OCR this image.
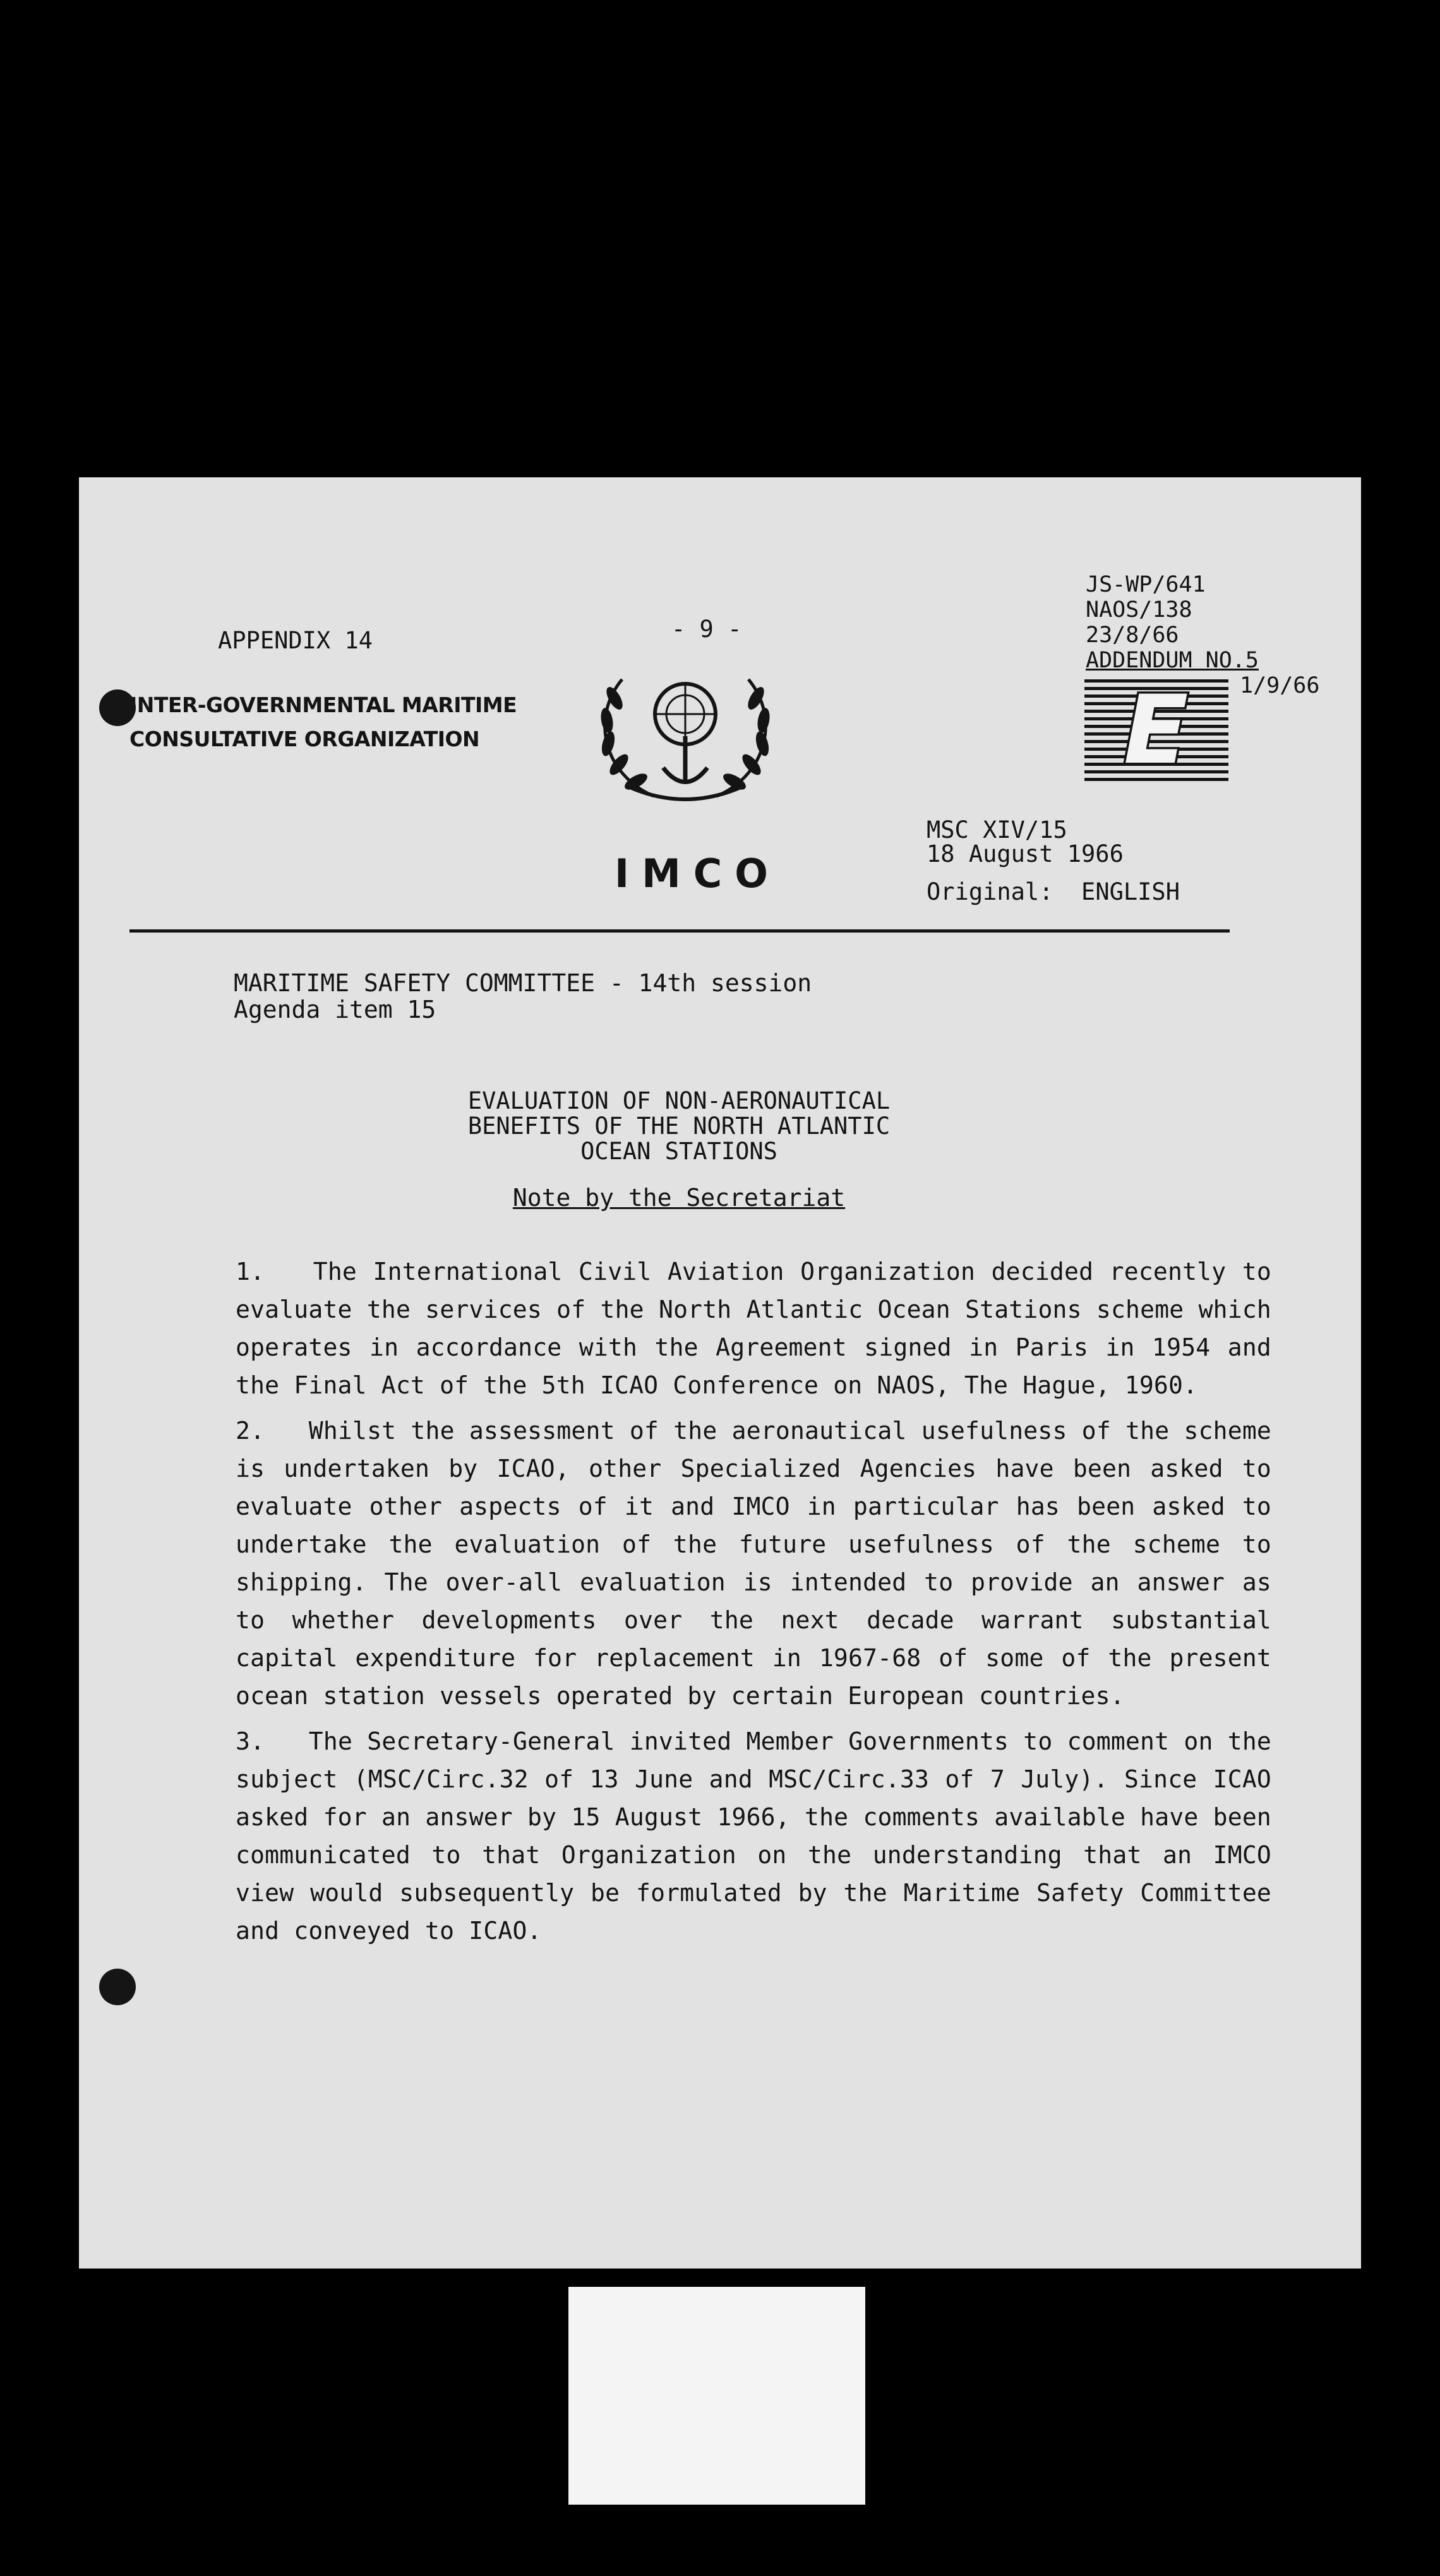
APPENDIX 14	- 9 -
INTER-GOVERNMENTAL MARITIME
CONSULTATIVE ORGANIZATION
IMCO
JS-WP/641
NAOS/138
23/8/66
ADDENDUM NO.5
1/9/66
E
MSC XIV/15
18 August 1966
Original: ENGLISH
MARITIME SAFETY COMMITTEE - 14th session
Agenda item 15
EVALUATION OF NON-AERONAUTICAL
BENEFITS OF THE NORTH ATLANTIC
OCEAN STATIONS
Note by the Secretariat

1. The International Civil Aviation Organization decided recently to evaluate the services of the North Atlantic Ocean Stations scheme which operates in accordance with the Agreement signed in Paris in 1954 and the Final Act of the 5th ICAO Conference on NAOS, The Hague, 1960.

2. Whilst the assessment of the aeronautical usefulness of the scheme is undertaken by ICAO, other Specialized Agencies have been asked to evaluate other aspects of it and IMCO in particular has been asked to undertake the evaluation of the future usefulness of the scheme to shipping. The over-all evaluation is intended to provide an answer as to whether developments over the next decade warrant substantial capital expenditure for replacement in 1967-68 of some of the present ocean station vessels operated by certain European countries.

3. The Secretary-General invited Member Governments to comment on the subject (MSC/Circ.32 of 13 June and MSC/Circ.33 of 7 July). Since ICAO asked for an answer by 15 August 1966, the comments available have been communicated to that Organization on the understanding that an IMCO view would subsequently be formulated by the Maritime Safety Committee and conveyed to ICAO.
